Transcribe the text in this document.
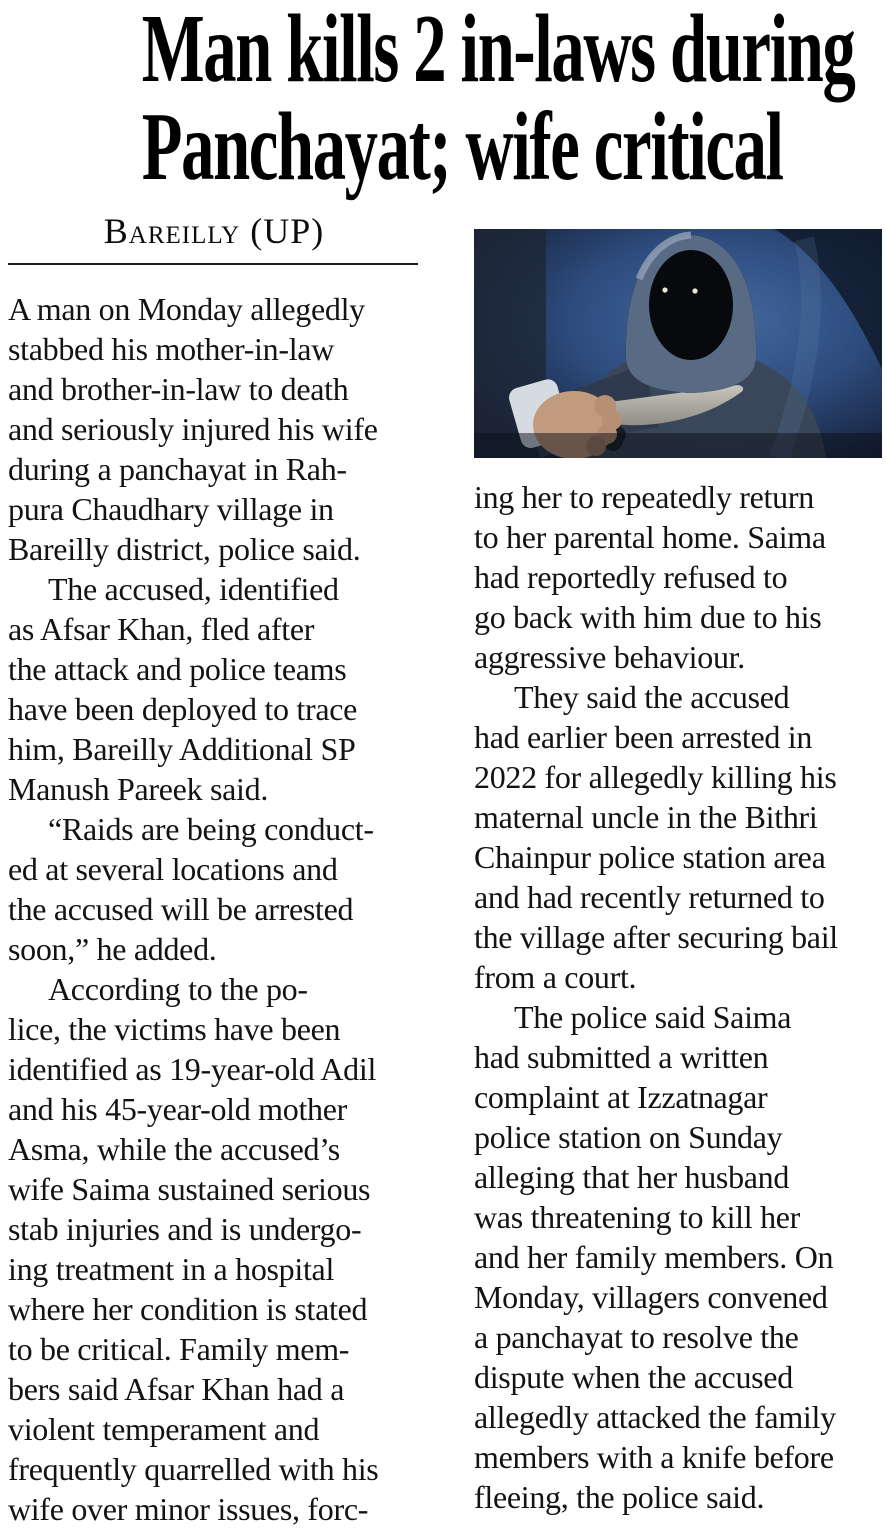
Man kills 2 in-laws during
Panchayat; wife critical
Bareilly (UP)
A man on Monday allegedly
stabbed his mother-in-law
and brother-in-law to death
and seriously injured his wife
during a panchayat in Rah-
pura Chaudhary village in
Bareilly district, police said.
The accused, identified
as Afsar Khan, fled after
the attack and police teams
have been deployed to trace
him, Bareilly Additional SP
Manush Pareek said.
“Raids are being conduct-
ed at several locations and
the accused will be arrested
soon,” he added.
According to the po-
lice, the victims have been
identified as 19-year-old Adil
and his 45-year-old mother
Asma, while the accused’s
wife Saima sustained serious
stab injuries and is undergo-
ing treatment in a hospital
where her condition is stated
to be critical. Family mem-
bers said Afsar Khan had a
violent temperament and
frequently quarrelled with his
wife over minor issues, forc-
ing her to repeatedly return
to her parental home. Saima
had reportedly refused to
go back with him due to his
aggressive behaviour.
They said the accused
had earlier been arrested in
2022 for allegedly killing his
maternal uncle in the Bithri
Chainpur police station area
and had recently returned to
the village after securing bail
from a court.
The police said Saima
had submitted a written
complaint at Izzatnagar
police station on Sunday
alleging that her husband
was threatening to kill her
and her family members. On
Monday, villagers convened
a panchayat to resolve the
dispute when the accused
allegedly attacked the family
members with a knife before
fleeing, the police said.
